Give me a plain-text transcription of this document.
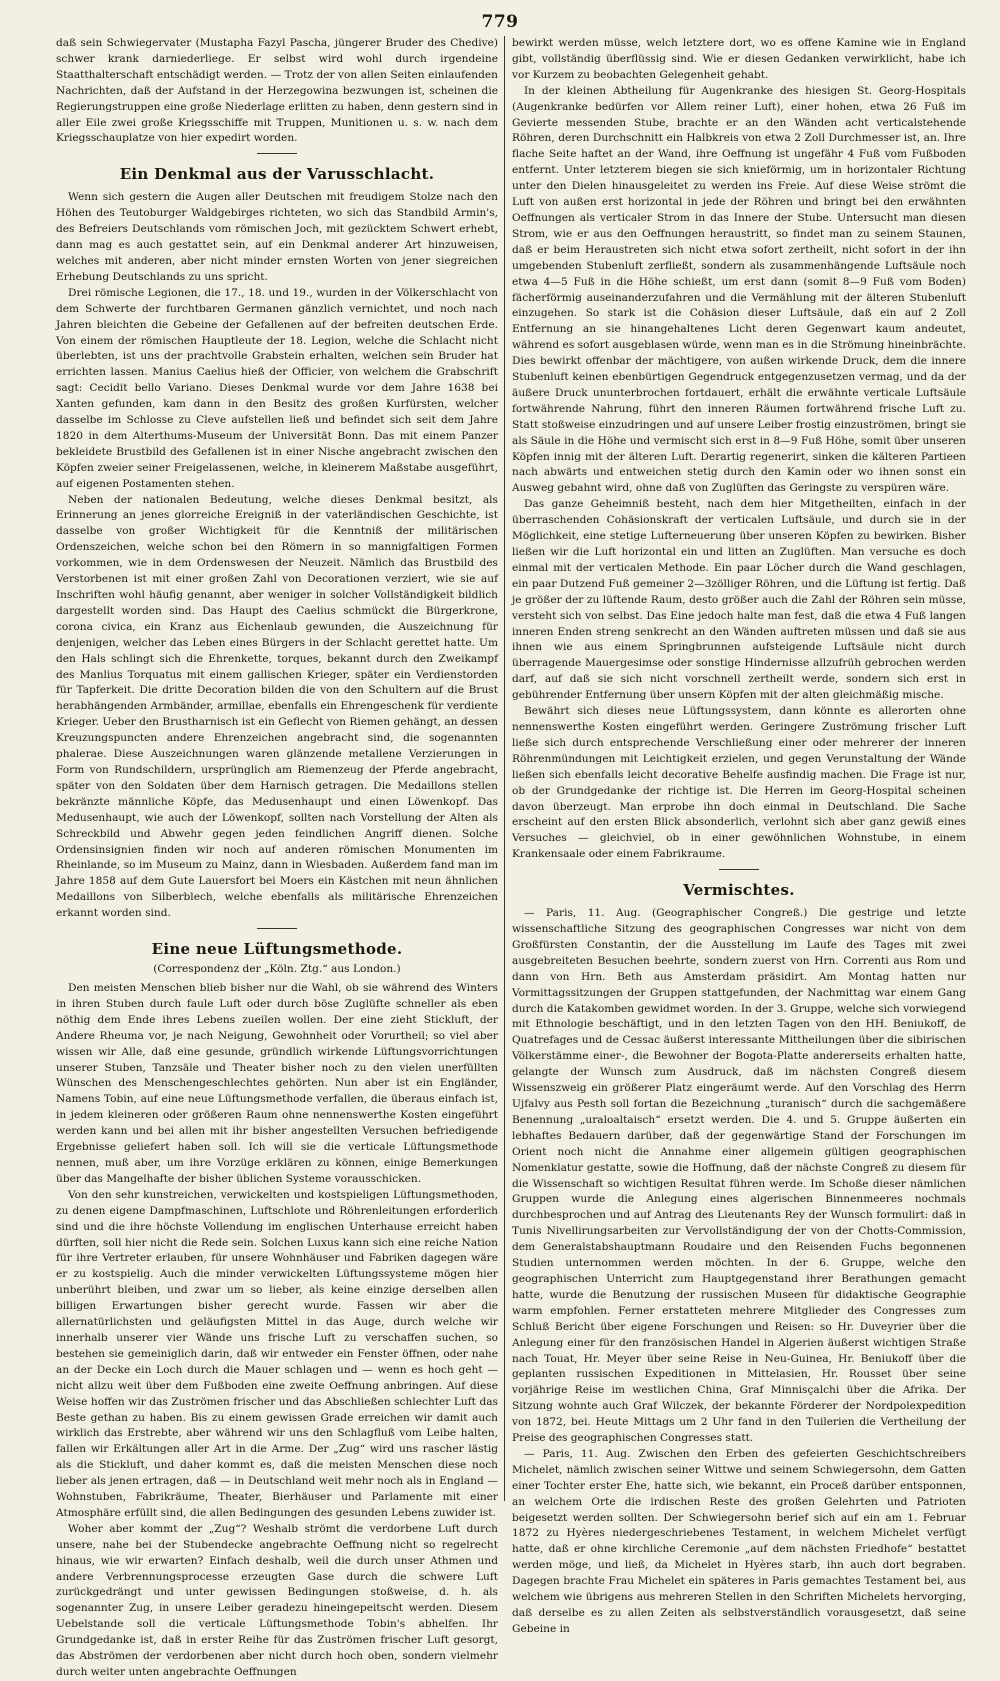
779

daß sein Schwiegervater (Mustapha Fazyl Pascha, jüngerer Bruder des Chedive) schwer krank darniederliege. Er selbst wird wohl durch irgendeine Staatthalterschaft entschädigt werden. — Trotz der von allen Seiten einlaufenden Nachrichten, daß der Aufstand in der Herzegowina bezwungen ist, scheinen die Regierungstruppen eine große Niederlage erlitten zu haben, denn gestern sind in aller Eile zwei große Kriegsschiffe mit Truppen, Munitionen u. s. w. nach dem Kriegsschauplatze von hier expedirt worden.

Ein Denkmal aus der Varusschlacht.

Wenn sich gestern die Augen aller Deutschen mit freudigem Stolze nach den Höhen des Teutoburger Waldgebirges richteten, wo sich das Standbild Armin's, des Befreiers Deutschlands vom römischen Joch, mit gezücktem Schwert erhebt, dann mag es auch gestattet sein, auf ein Denkmal anderer Art hinzuweisen, welches mit anderen, aber nicht minder ernsten Worten von jener siegreichen Erhebung Deutschlands zu uns spricht.

Drei römische Legionen, die 17., 18. und 19., wurden in der Völkerschlacht von dem Schwerte der furchtbaren Germanen gänzlich vernichtet, und noch nach Jahren bleichten die Gebeine der Gefallenen auf der befreiten deutschen Erde. Von einem der römischen Hauptleute der 18. Legion, welche die Schlacht nicht überlebten, ist uns der prachtvolle Grabstein erhalten, welchen sein Bruder hat errichten lassen. Manius Caelius hieß der Officier, von welchem die Grabschrift sagt: Cecidit bello Variano. Dieses Denkmal wurde vor dem Jahre 1638 bei Xanten gefunden, kam dann in den Besitz des großen Kurfürsten, welcher dasselbe im Schlosse zu Cleve aufstellen ließ und befindet sich seit dem Jahre 1820 in dem Alterthums-Museum der Universität Bonn. Das mit einem Panzer bekleidete Brustbild des Gefallenen ist in einer Nische angebracht zwischen den Köpfen zweier seiner Freigelassenen, welche, in kleinerem Maßstabe ausgeführt, auf eigenen Postamenten stehen.

Neben der nationalen Bedeutung, welche dieses Denkmal besitzt, als Erinnerung an jenes glorreiche Ereigniß in der vaterländischen Geschichte, ist dasselbe von großer Wichtigkeit für die Kenntniß der militärischen Ordenszeichen, welche schon bei den Römern in so mannigfaltigen Formen vorkommen, wie in dem Ordenswesen der Neuzeit. Nämlich das Brustbild des Verstorbenen ist mit einer großen Zahl von Decorationen verziert, wie sie auf Inschriften wohl häufig genannt, aber weniger in solcher Vollständigkeit bildlich dargestellt worden sind. Das Haupt des Caelius schmückt die Bürgerkrone, corona civica, ein Kranz aus Eichenlaub gewunden, die Auszeichnung für denjenigen, welcher das Leben eines Bürgers in der Schlacht gerettet hatte. Um den Hals schlingt sich die Ehrenkette, torques, bekannt durch den Zweikampf des Manlius Torquatus mit einem gallischen Krieger, später ein Verdienstorden für Tapferkeit. Die dritte Decoration bilden die von den Schultern auf die Brust herabhängenden Armbänder, armillae, ebenfalls ein Ehrengeschenk für verdiente Krieger. Ueber den Brustharnisch ist ein Geflecht von Riemen gehängt, an dessen Kreuzungspuncten andere Ehrenzeichen angebracht sind, die sogenannten phalerae. Diese Auszeichnungen waren glänzende metallene Verzierungen in Form von Rundschildern, ursprünglich am Riemenzeug der Pferde angebracht, später von den Soldaten über dem Harnisch getragen. Die Medaillons stellen bekränzte männliche Köpfe, das Medusenhaupt und einen Löwenkopf. Das Medusenhaupt, wie auch der Löwenkopf, sollten nach Vorstellung der Alten als Schreckbild und Abwehr gegen jeden feindlichen Angriff dienen. Solche Ordensinsignien finden wir noch auf anderen römischen Monumenten im Rheinlande, so im Museum zu Mainz, dann in Wiesbaden. Außerdem fand man im Jahre 1858 auf dem Gute Lauersfort bei Moers ein Kästchen mit neun ähnlichen Medaillons von Silberblech, welche ebenfalls als militärische Ehrenzeichen erkannt worden sind.

Eine neue Lüftungsmethode.
(Correspondenz der „Köln. Ztg.“ aus London.)

Den meisten Menschen blieb bisher nur die Wahl, ob sie während des Winters in ihren Stuben durch faule Luft oder durch böse Zuglüfte schneller als eben nöthig dem Ende ihres Lebens zueilen wollen. Der eine zieht Stickluft, der Andere Rheuma vor, je nach Neigung, Gewohnheit oder Vorurtheil; so viel aber wissen wir Alle, daß eine gesunde, gründlich wirkende Lüftungsvorrichtungen unserer Stuben, Tanzsäle und Theater bisher noch zu den vielen unerfüllten Wünschen des Menschengeschlechtes gehörten. Nun aber ist ein Engländer, Namens Tobin, auf eine neue Lüftungsmethode verfallen, die überaus einfach ist, in jedem kleineren oder größeren Raum ohne nennenswerthe Kosten eingeführt werden kann und bei allen mit ihr bisher angestellten Versuchen befriedigende Ergebnisse geliefert haben soll. Ich will sie die verticale Lüftungsmethode nennen, muß aber, um ihre Vorzüge erklären zu können, einige Bemerkungen über das Mangelhafte der bisher üblichen Systeme vorausschicken.

Von den sehr kunstreichen, verwickelten und kostspieligen Lüftungsmethoden, zu denen eigene Dampfmaschinen, Luftschlote und Röhrenleitungen erforderlich sind und die ihre höchste Vollendung im englischen Unterhause erreicht haben dürften, soll hier nicht die Rede sein. Solchen Luxus kann sich eine reiche Nation für ihre Vertreter erlauben, für unsere Wohnhäuser und Fabriken dagegen wäre er zu kostspielig. Auch die minder verwickelten Lüftungssysteme mögen hier unberührt bleiben, und zwar um so lieber, als keine einzige derselben allen billigen Erwartungen bisher gerecht wurde. Fassen wir aber die allernatürlichsten und geläufigsten Mittel in das Auge, durch welche wir innerhalb unserer vier Wände uns frische Luft zu verschaffen suchen, so bestehen sie gemeiniglich darin, daß wir entweder ein Fenster öffnen, oder nahe an der Decke ein Loch durch die Mauer schlagen und — wenn es hoch geht — nicht allzu weit über dem Fußboden eine zweite Oeffnung anbringen. Auf diese Weise hoffen wir das Zuströmen frischer und das Abschließen schlechter Luft das Beste gethan zu haben. Bis zu einem gewissen Grade erreichen wir damit auch wirklich das Erstrebte, aber während wir uns den Schlagfluß vom Leibe halten, fallen wir Erkältungen aller Art in die Arme. Der „Zug“ wird uns rascher lästig als die Stickluft, und daher kommt es, daß die meisten Menschen diese noch lieber als jenen ertragen, daß — in Deutschland weit mehr noch als in England — Wohnstuben, Fabrikräume, Theater, Bierhäuser und Parlamente mit einer Atmosphäre erfüllt sind, die allen Bedingungen des gesunden Lebens zuwider ist.

Woher aber kommt der „Zug“? Weshalb strömt die verdorbene Luft durch unsere, nahe bei der Stubendecke angebrachte Oeffnung nicht so regelrecht hinaus, wie wir erwarten? Einfach deshalb, weil die durch unser Athmen und andere Verbrennungsprocesse erzeugten Gase durch die schwere Luft zurückgedrängt und unter gewissen Bedingungen stoßweise, d. h. als sogenannter Zug, in unsere Leiber geradezu hineingepeitscht werden. Diesem Uebelstande soll die verticale Lüftungsmethode Tobin's abhelfen. Ihr Grundgedanke ist, daß in erster Reihe für das Zuströmen frischer Luft gesorgt, das Abströmen der verdorbenen aber nicht durch hoch oben, sondern vielmehr durch weiter unten angebrachte Oeffnungen

bewirkt werden müsse, welch letztere dort, wo es offene Kamine wie in England gibt, vollständig überflüssig sind. Wie er diesen Gedanken verwirklicht, habe ich vor Kurzem zu beobachten Gelegenheit gehabt.

In der kleinen Abtheilung für Augenkranke des hiesigen St. Georg-Hospitals (Augenkranke bedürfen vor Allem reiner Luft), einer hohen, etwa 26 Fuß im Gevierte messenden Stube, brachte er an den Wänden acht verticalstehende Röhren, deren Durchschnitt ein Halbkreis von etwa 2 Zoll Durchmesser ist, an. Ihre flache Seite haftet an der Wand, ihre Oeffnung ist ungefähr 4 Fuß vom Fußboden entfernt. Unter letzterem biegen sie sich knieförmig, um in horizontaler Richtung unter den Dielen hinausgeleitet zu werden ins Freie. Auf diese Weise strömt die Luft von außen erst horizontal in jede der Röhren und bringt bei den erwähnten Oeffnungen als verticaler Strom in das Innere der Stube. Untersucht man diesen Strom, wie er aus den Oeffnungen heraustritt, so findet man zu seinem Staunen, daß er beim Heraustreten sich nicht etwa sofort zertheilt, nicht sofort in der ihn umgebenden Stubenluft zerfließt, sondern als zusammenhängende Luftsäule noch etwa 4—5 Fuß in die Höhe schießt, um erst dann (somit 8—9 Fuß vom Boden) fächerförmig auseinanderzufahren und die Vermählung mit der älteren Stubenluft einzugehen. So stark ist die Cohäsion dieser Luftsäule, daß ein auf 2 Zoll Entfernung an sie hinangehaltenes Licht deren Gegenwart kaum andeutet, während es sofort ausgeblasen würde, wenn man es in die Strömung hineinbrächte. Dies bewirkt offenbar der mächtigere, von außen wirkende Druck, dem die innere Stubenluft keinen ebenbürtigen Gegendruck entgegenzusetzen vermag, und da der äußere Druck ununterbrochen fortdauert, erhält die erwähnte verticale Luftsäule fortwährende Nahrung, führt den inneren Räumen fortwährend frische Luft zu. Statt stoßweise einzudringen und auf unsere Leiber frostig einzuströmen, bringt sie als Säule in die Höhe und vermischt sich erst in 8—9 Fuß Höhe, somit über unseren Köpfen innig mit der älteren Luft. Derartig regenerirt, sinken die kälteren Partieen nach abwärts und entweichen stetig durch den Kamin oder wo ihnen sonst ein Ausweg gebahnt wird, ohne daß von Zuglüften das Geringste zu verspüren wäre.

Das ganze Geheimniß besteht, nach dem hier Mitgetheilten, einfach in der überraschenden Cohäsionskraft der verticalen Luftsäule, und durch sie in der Möglichkeit, eine stetige Lufterneuerung über unseren Köpfen zu bewirken. Bisher ließen wir die Luft horizontal ein und litten an Zuglüften. Man versuche es doch einmal mit der verticalen Methode. Ein paar Löcher durch die Wand geschlagen, ein paar Dutzend Fuß gemeiner 2—3zölliger Röhren, und die Lüftung ist fertig. Daß je größer der zu lüftende Raum, desto größer auch die Zahl der Röhren sein müsse, versteht sich von selbst. Das Eine jedoch halte man fest, daß die etwa 4 Fuß langen inneren Enden streng senkrecht an den Wänden auftreten müssen und daß sie aus ihnen wie aus einem Springbrunnen aufsteigende Luftsäule nicht durch überragende Mauergesimse oder sonstige Hindernisse allzufrüh gebrochen werden darf, auf daß sie sich nicht vorschnell zertheilt werde, sondern sich erst in gebührender Entfernung über unsern Köpfen mit der alten gleichmäßig mische.

Bewährt sich dieses neue Lüftungssystem, dann könnte es allerorten ohne nennenswerthe Kosten eingeführt werden. Geringere Zuströmung frischer Luft ließe sich durch entsprechende Verschließung einer oder mehrerer der inneren Röhrenmündungen mit Leichtigkeit erzielen, und gegen Verunstaltung der Wände ließen sich ebenfalls leicht decorative Behelfe ausfindig machen. Die Frage ist nur, ob der Grundgedanke der richtige ist. Die Herren im Georg-Hospital scheinen davon überzeugt. Man erprobe ihn doch einmal in Deutschland. Die Sache erscheint auf den ersten Blick absonderlich, verlohnt sich aber ganz gewiß eines Versuches — gleichviel, ob in einer gewöhnlichen Wohnstube, in einem Krankensaale oder einem Fabrikraume.

Vermischtes.

— Paris, 11. Aug. (Geographischer Congreß.) Die gestrige und letzte wissenschaftliche Sitzung des geographischen Congresses war nicht von dem Großfürsten Constantin, der die Ausstellung im Laufe des Tages mit zwei ausgebreiteten Besuchen beehrte, sondern zuerst von Hrn. Correnti aus Rom und dann von Hrn. Beth aus Amsterdam präsidirt. Am Montag hatten nur Vormittagssitzungen der Gruppen stattgefunden, der Nachmittag war einem Gang durch die Katakomben gewidmet worden. In der 3. Gruppe, welche sich vorwiegend mit Ethnologie beschäftigt, und in den letzten Tagen von den HH. Beniukoff, de Quatrefages und de Cessac äußerst interessante Mittheilungen über die sibirischen Völkerstämme einer-, die Bewohner der Bogota-Platte andererseits erhalten hatte, gelangte der Wunsch zum Ausdruck, daß im nächsten Congreß diesem Wissenszweig ein größerer Platz eingeräumt werde. Auf den Vorschlag des Herrn Ujfalvy aus Pesth soll fortan die Bezeichnung „turanisch“ durch die sachgemäßere Benennung „uraloaltaisch“ ersetzt werden. Die 4. und 5. Gruppe äußerten ein lebhaftes Bedauern darüber, daß der gegenwärtige Stand der Forschungen im Orient noch nicht die Annahme einer allgemein gültigen geographischen Nomenklatur gestatte, sowie die Hoffnung, daß der nächste Congreß zu diesem für die Wissenschaft so wichtigen Resultat führen werde. Im Schoße dieser nämlichen Gruppen wurde die Anlegung eines algerischen Binnenmeeres nochmals durchbesprochen und auf Antrag des Lieutenants Rey der Wunsch formulirt: daß in Tunis Nivellirungsarbeiten zur Vervollständigung der von der Chotts-Commission, dem Generalstabshauptmann Roudaire und den Reisenden Fuchs begonnenen Studien unternommen werden möchten. In der 6. Gruppe, welche den geographischen Unterricht zum Hauptgegenstand ihrer Berathungen gemacht hatte, wurde die Benutzung der russischen Museen für didaktische Geographie warm empfohlen. Ferner erstatteten mehrere Mitglieder des Congresses zum Schluß Bericht über eigene Forschungen und Reisen: so Hr. Duveyrier über die Anlegung einer für den französischen Handel in Algerien äußerst wichtigen Straße nach Touat, Hr. Meyer über seine Reise in Neu-Guinea, Hr. Beniukoff über die geplanten russischen Expeditionen in Mittelasien, Hr. Rousset über seine vorjährige Reise im westlichen China, Graf Minnisçalchi über die Afrika. Der Sitzung wohnte auch Graf Wilczek, der bekannte Förderer der Nordpolexpedition von 1872, bei. Heute Mittags um 2 Uhr fand in den Tuilerien die Vertheilung der Preise des geographischen Congresses statt.

— Paris, 11. Aug. Zwischen den Erben des gefeierten Geschichtschreibers Michelet, nämlich zwischen seiner Wittwe und seinem Schwiegersohn, dem Gatten einer Tochter erster Ehe, hatte sich, wie bekannt, ein Proceß darüber entsponnen, an welchem Orte die irdischen Reste des großen Gelehrten und Patrioten beigesetzt werden sollten. Der Schwiegersohn berief sich auf ein am 1. Februar 1872 zu Hyères niedergeschriebenes Testament, in welchem Michelet verfügt hatte, daß er ohne kirchliche Ceremonie „auf dem nächsten Friedhofe“ bestattet werden möge, und ließ, da Michelet in Hyères starb, ihn auch dort begraben. Dagegen brachte Frau Michelet ein späteres in Paris gemachtes Testament bei, aus welchem wie übrigens aus mehreren Stellen in den Schriften Michelets hervorging, daß derselbe es zu allen Zeiten als selbstverständlich vorausgesetzt, daß seine Gebeine in
